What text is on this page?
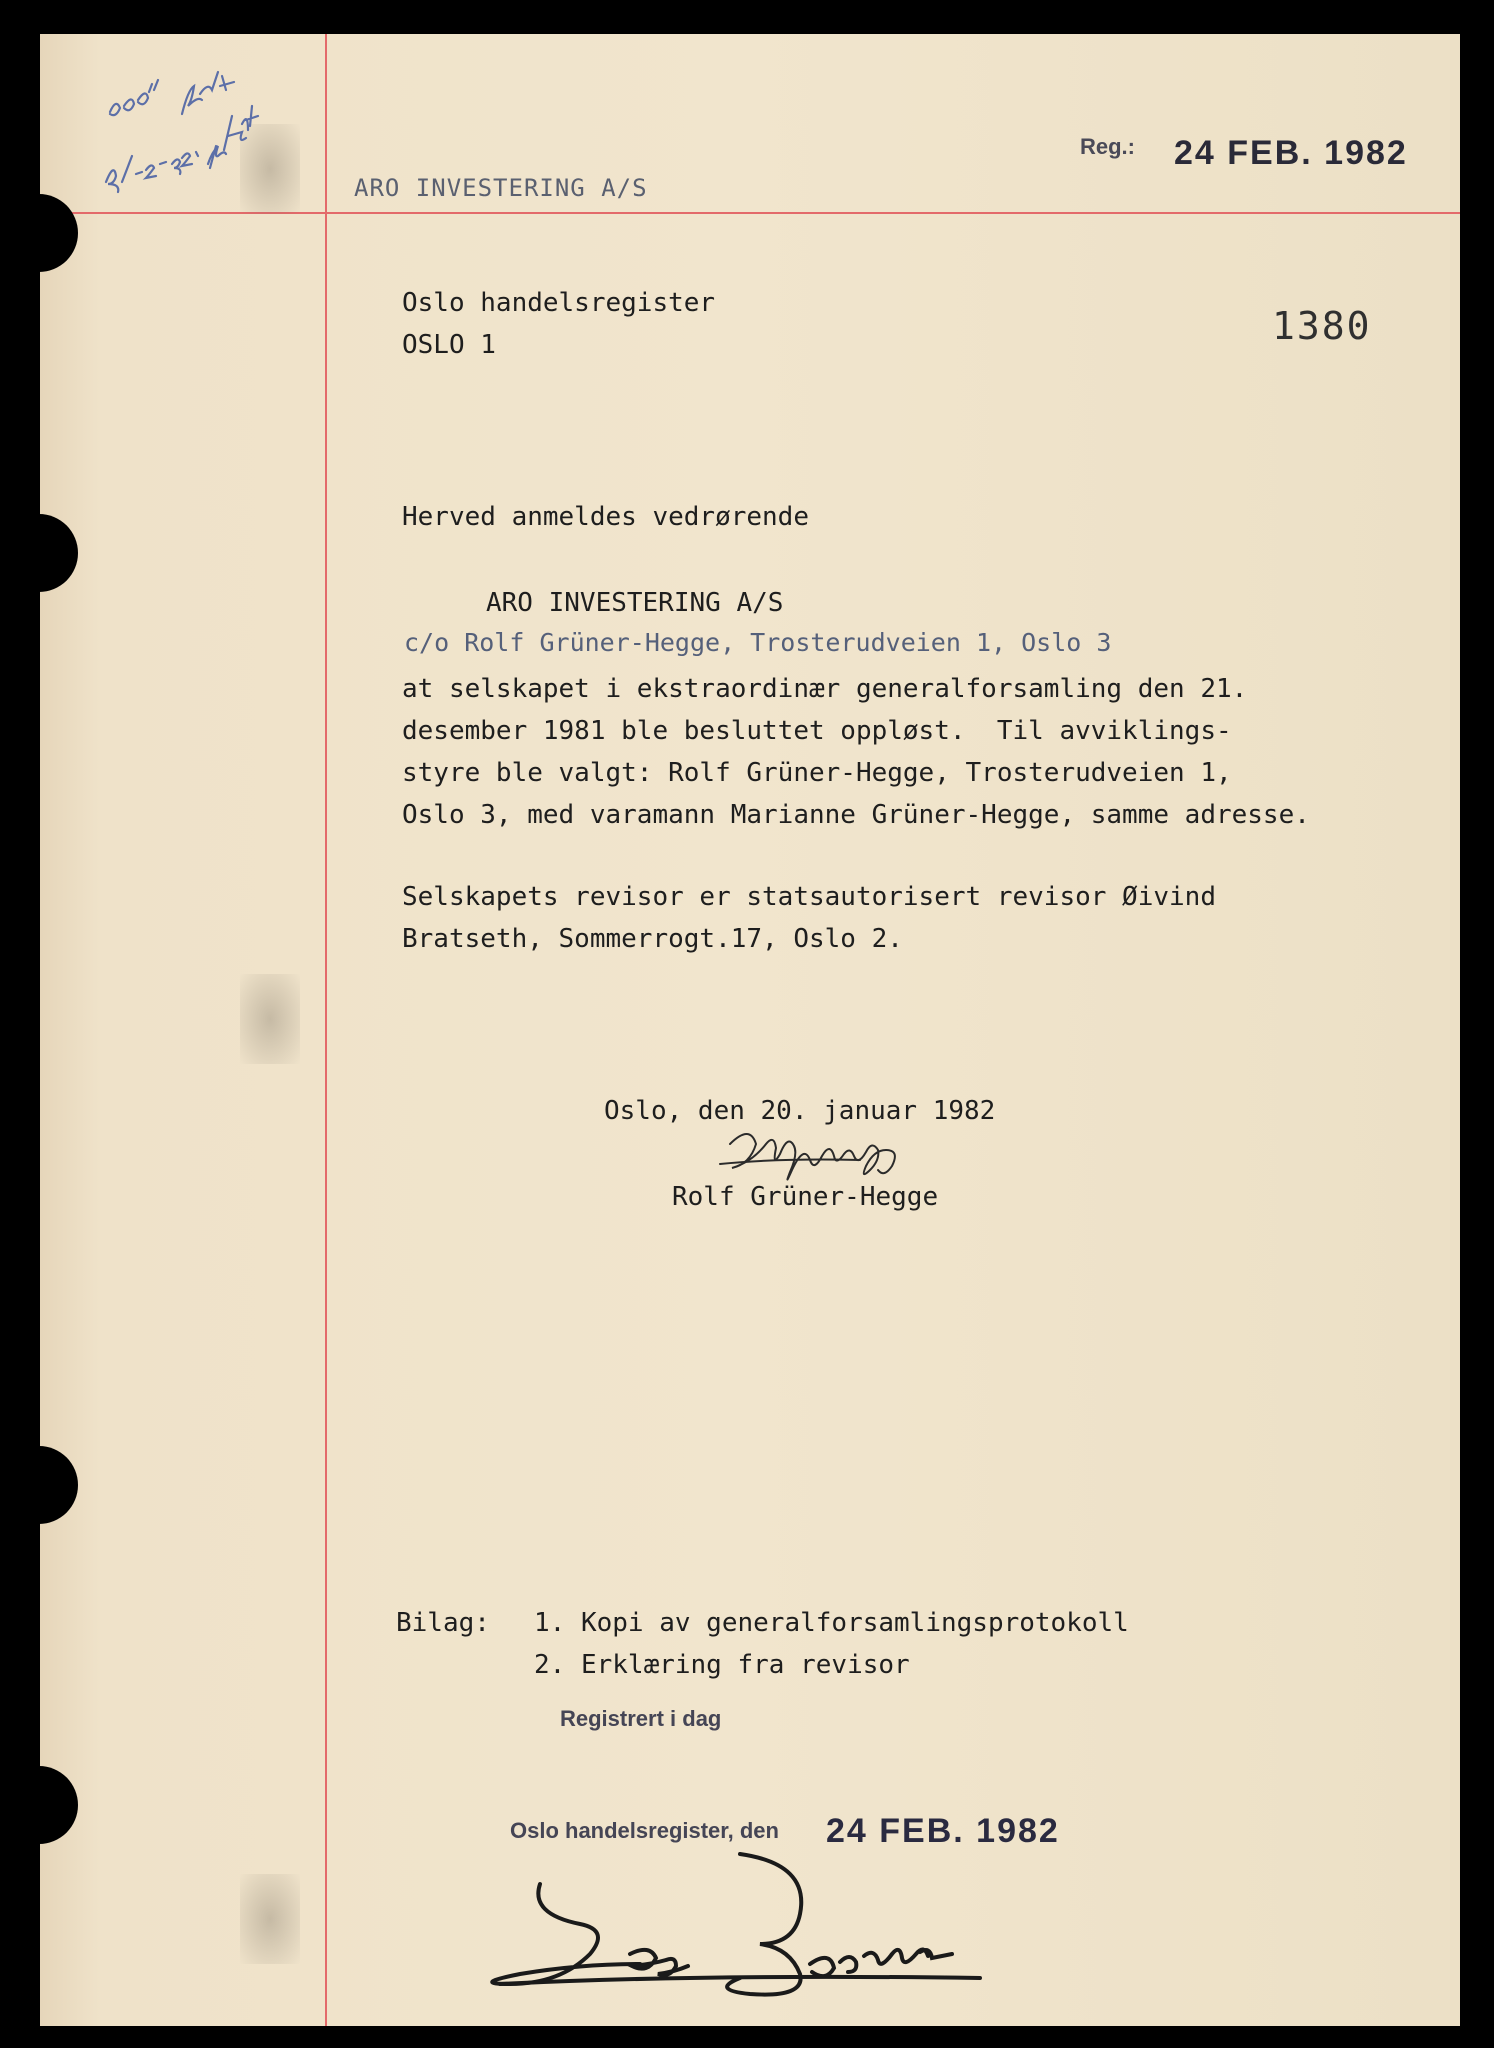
ARO INVESTERING A/S
Reg.: 24 FEB. 1982
1380
Oslo handelsregister
OSLO 1
Herved anmeldes vedrørende
ARO INVESTERING A/S
c/o Rolf Grüner-Hegge, Trosterudveien 1, Oslo 3
at selskapet i ekstraordinær generalforsamling den 21.
desember 1981 ble besluttet oppløst.  Til avviklings-
styre ble valgt: Rolf Grüner-Hegge, Trosterudveien 1,
Oslo 3, med varamann Marianne Grüner-Hegge, samme adresse.
Selskapets revisor er statsautorisert revisor Øivind
Bratseth, Sommerrogt.17, Oslo 2.
Oslo, den 20. januar 1982
Rolf Grüner-Hegge
Bilag: 1. Kopi av generalforsamlingsprotokoll
2. Erklæring fra revisor
Registrert i dag
Oslo handelsregister, den 24 FEB. 1982
